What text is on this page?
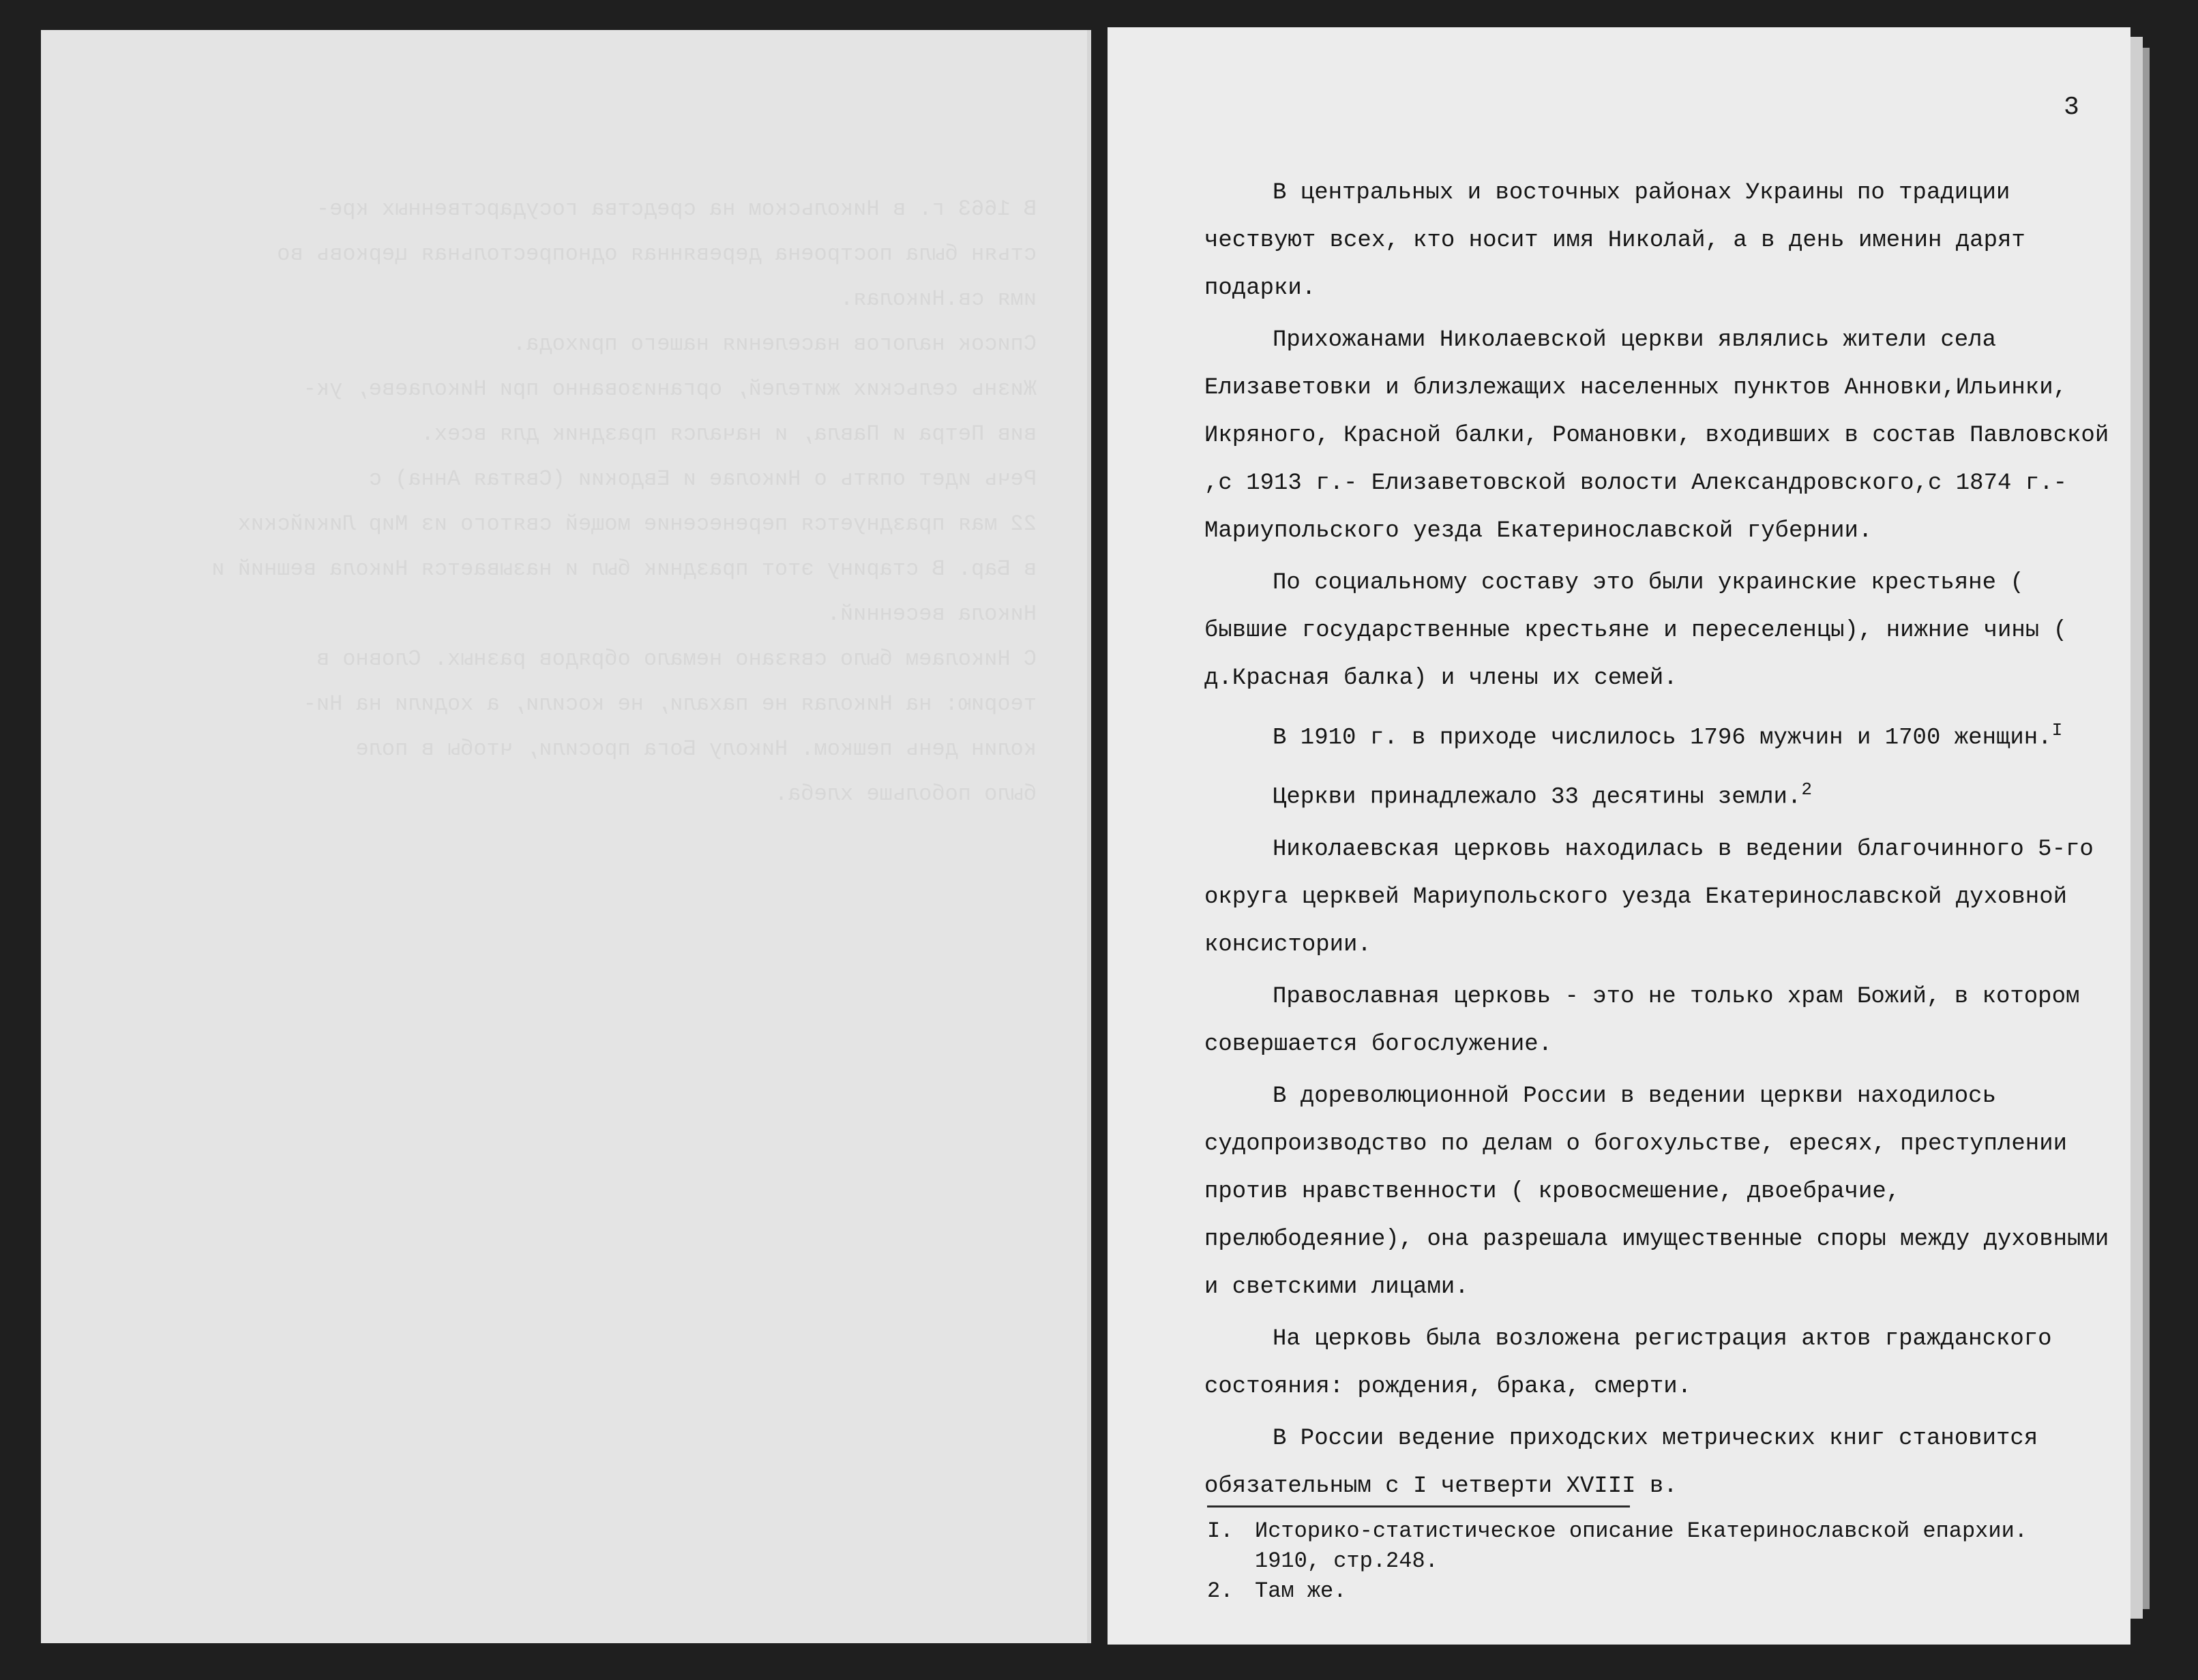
В 1663 г. в Никольском на средства государственных кре-
стьян была построена деревянная однопрестольная церковь во
имя св.Николая.
Список налогов населения нашего прихода.
Жизнь сельских жителей, организованно при Николаеве, ук-
вив Петра и Павла, и начался праздник для всех.
Речь идет опять о Николае и Евдокии (Святая Анна) с
22 мая празднуется перенесение мощей святого из Мир Ликийских
в Бар. В старину этот праздник был и называется Никола вешний и
Никола весенний.
С Николаем было связано немало обрядов разных. Словно в
теорию: на Николая не пахали, не косили, а ходили на Ни-
колин день пешком. Николу Бога просили, чтобы в поле
было побольше хлеба.
3

В центральных и восточных районах Украины по традиции чествуют всех, кто носит имя Николай, а в день именин дарят подарки.

Прихожанами Николаевской церкви являлись жители села Елизаветовки и близлежащих населенных пунктов Анновки,Ильинки, Икряного, Красной балки, Романовки, входивших в состав Павловской ,с 1913 г.- Елизаветовской волости Александровского,с 1874 г.-Мариупольского уезда Екатеринославской губернии.

По социальному составу это были украинские крестьяне ( бывшие государственные крестьяне и переселенцы), нижние чины ( д.Красная балка) и члены их семей.

В 1910 г. в приходе числилось 1796 мужчин и 1700 женщин.$^I$

Церкви принадлежало 33 десятины земли.$^2$

Николаевская церковь находилась в ведении благочинного 5-го округа церквей Мариупольского уезда Екатеринославской духовной консистории.

Православная церковь - это не только храм Божий, в котором совершается богослужение.

В дореволюционной России в ведении церкви находилось судопроизводство по делам о богохульстве, ересях, преступлении против нравственности ( кровосмешение, двоебрачие, прелюбодеяние), она разрешала имущественные споры между духовными и светскими лицами.

На церковь была возложена регистрация актов гражданского состояния: рождения, брака, смерти.

В России ведение приходских метрических книг становится обязательным с I четверти XVIII в.

I. Историко-статистическое описание Екатеринославской епархии. 1910, стр.248.
2. Там же.
